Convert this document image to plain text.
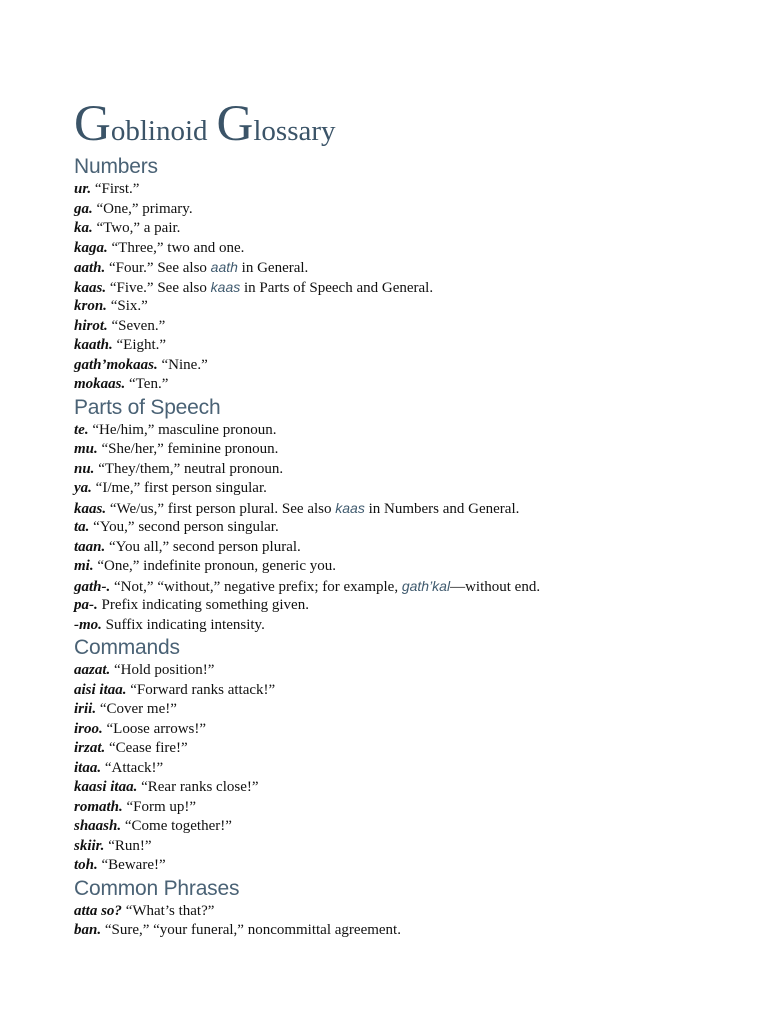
Goblinoid Glossary
Numbers
ur. “First.”
ga. “One,” primary.
ka. “Two,” a pair.
kaga. “Three,” two and one.
aath. “Four.” See also aath in General.
kaas. “Five.” See also kaas in Parts of Speech and General.
kron. “Six.”
hirot. “Seven.”
kaath. “Eight.”
gath’mokaas. “Nine.”
mokaas. “Ten.”
Parts of Speech
te. “He/him,” masculine pronoun.
mu. “She/her,” feminine pronoun.
nu. “They/them,” neutral pronoun.
ya. “I/me,” first person singular.
kaas. “We/us,” first person plural. See also kaas in Numbers and General.
ta. “You,” second person singular.
taan. “You all,” second person plural.
mi. “One,” indefinite pronoun, generic you.
gath-. “Not,” “without,” negative prefix; for example, gath’kal—without end.
pa-. Prefix indicating something given.
-mo. Suffix indicating intensity.
Commands
aazat. “Hold position!”
aisi itaa. “Forward ranks attack!”
irii. “Cover me!”
iroo. “Loose arrows!”
irzat. “Cease fire!”
itaa. “Attack!”
kaasi itaa. “Rear ranks close!”
romath. “Form up!”
shaash. “Come together!”
skiir. “Run!”
toh. “Beware!”
Common Phrases
atta so? “What’s that?”
ban. “Sure,” “your funeral,” noncommittal agreement.
